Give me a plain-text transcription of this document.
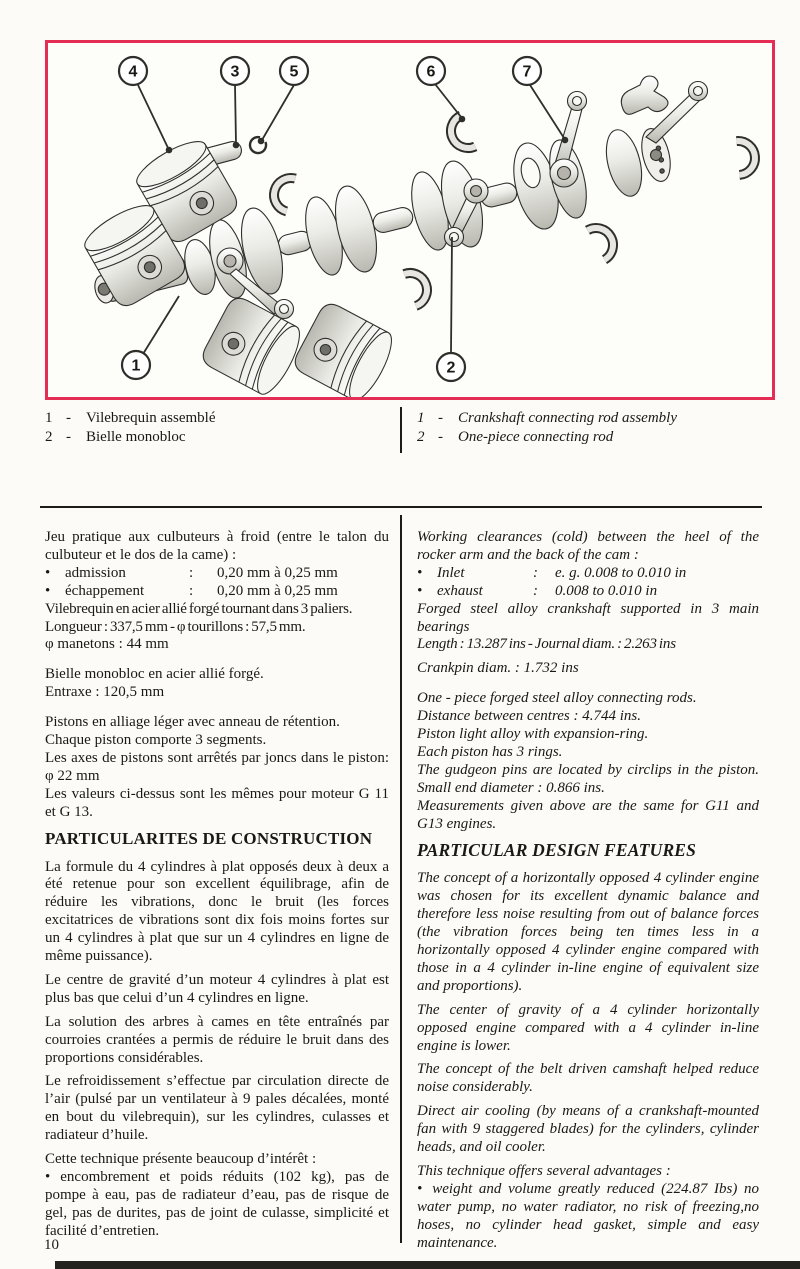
1	2
3
4	5	6	7
1 -	Vilebrequin assemblé
2 -	Bielle monobloc
1 -	Crankshaft connecting rod assembly
2 -	One-piece connecting rod

Jeu pratique aux culbuteurs à froid (entre le talon du culbuteur et le dos de la came) :

• admission	:	0,20 mm à 0,25 mm
• échappement	:	0,20 mm à 0,25 mm

Vilebrequin en acier allié forgé tournant dans 3 paliers.

Longueur : 337,5 mm - φ tourillons : 57,5 mm.

φ manetons : 44 mm

Bielle monobloc en acier allié forgé.

Entraxe : 120,5 mm

Pistons en alliage léger avec anneau de rétention.

Chaque piston comporte 3 segments.

Les axes de pistons sont arrêtés par joncs dans le piston: φ 22 mm

Les valeurs ci-dessus sont les mêmes pour moteur G 11 et G 13.

PARTICULARITES DE CONSTRUCTION

La formule du 4 cylindres à plat opposés deux à deux a été retenue pour son excellent équilibrage, afin de réduire les vibrations, donc le bruit (les forces excitatrices de vibrations sont dix fois moins fortes sur un 4 cylindres à plat que sur un 4 cylindres en ligne de même puissance).

Le centre de gravité d’un moteur 4 cylindres à plat est plus bas que celui d’un 4 cylindres en ligne.

La solution des arbres à cames en tête entraînés par courroies crantées a permis de réduire le bruit dans des proportions considérables.

Le refroidissement s’effectue par circulation directe de l’air (pulsé par un ventilateur à 9 pales décalées, monté en bout du vilebrequin), sur les cylindres, culasses et radiateur d’huile.

Cette technique présente beaucoup d’intérêt :

• encombrement et poids réduits (102 kg), pas de pompe à eau, pas de radiateur d’eau, pas de risque de gel, pas de durites, pas de joint de culasse, simplicité et facilité d’entretien.

Working clearances (cold) between the heel of the rocker arm and the back of the cam :

• Inlet	:	e. g. 0.008 to 0.010 in
• exhaust	:	0.008 to 0.010 in

Forged steel alloy crankshaft supported in 3 main bearings

Length : 13.287 ins - Journal diam. : 2.263 ins

Crankpin diam. : 1.732 ins

One - piece forged steel alloy connecting rods.

Distance between centres : 4.744 ins.

Piston light alloy with expansion-ring.

Each piston has 3 rings.

The gudgeon pins are located by circlips in the piston. Small end diameter : 0.866 ins.

Measurements given above are the same for G11 and G13 engines.

PARTICULAR DESIGN FEATURES

The concept of a horizontally opposed 4 cylinder engine was chosen for its excellent dynamic balance and therefore less noise resulting from out of balance forces (the vibration forces being ten times less in a horizontally opposed 4 cylinder engine compared with those in a 4 cylinder in-line engine of equivalent size and proportions).

The center of gravity of a 4 cylinder horizontally opposed engine compared with a 4 cylinder in-line engine is lower.

The concept of the belt driven camshaft helped reduce noise considerably.

Direct air cooling (by means of a crankshaft-mounted fan with 9 staggered blades) for the cylinders, cylinder heads, and oil cooler.

This technique offers several advantages :

• weight and volume greatly reduced (224.87 Ibs) no water pump, no water radiator, no risk of freezing,no hoses, no cylinder head gasket, simple and easy maintenance.

10
